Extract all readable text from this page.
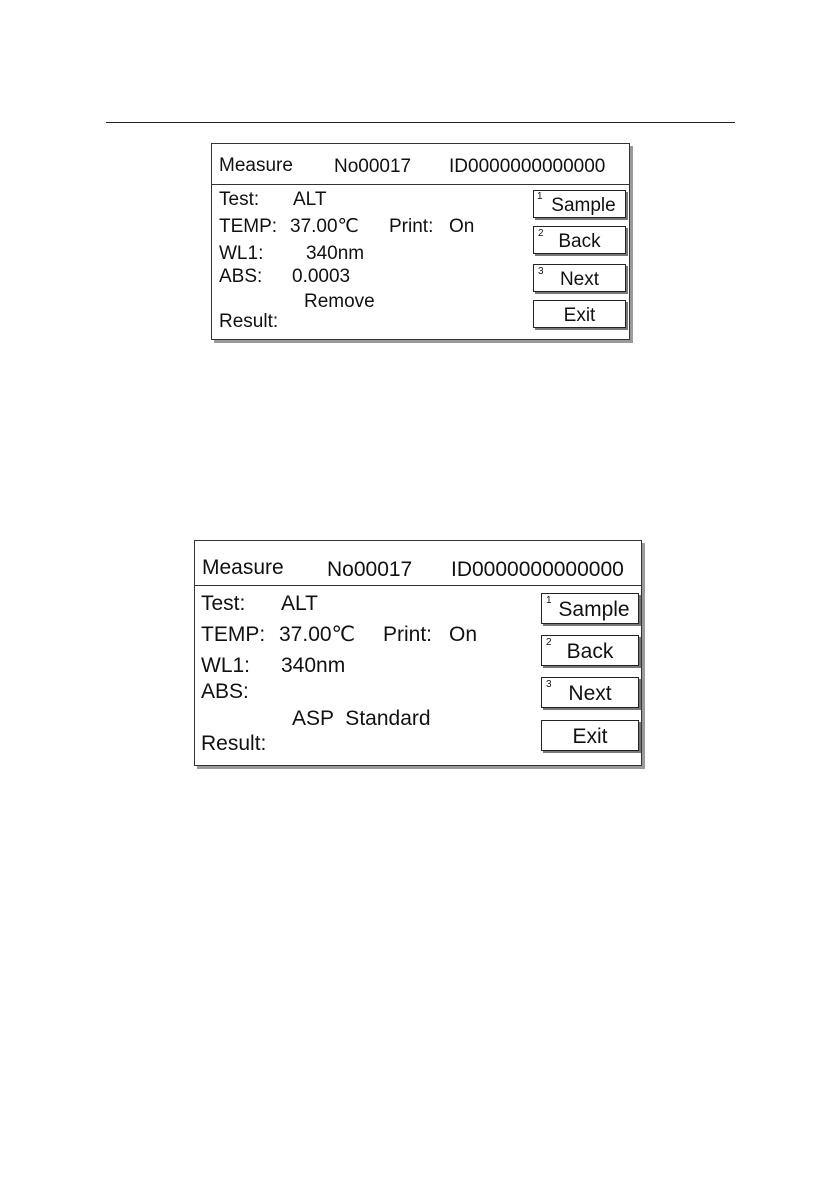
Measure No00017 ID0000000000000
Test: ALT
TEMP: 37.00℃ Print: On
WL1: 340nm
ABS: 0.0003
Remove
Result:
1 Sample
2 Back
3 Next
Exit
Measure No00017 ID0000000000000
Test: ALT
TEMP: 37.00℃ Print: On
WL1: 340nm
ABS:
ASP  Standard
Result:
1 Sample
2 Back
3 Next
Exit
